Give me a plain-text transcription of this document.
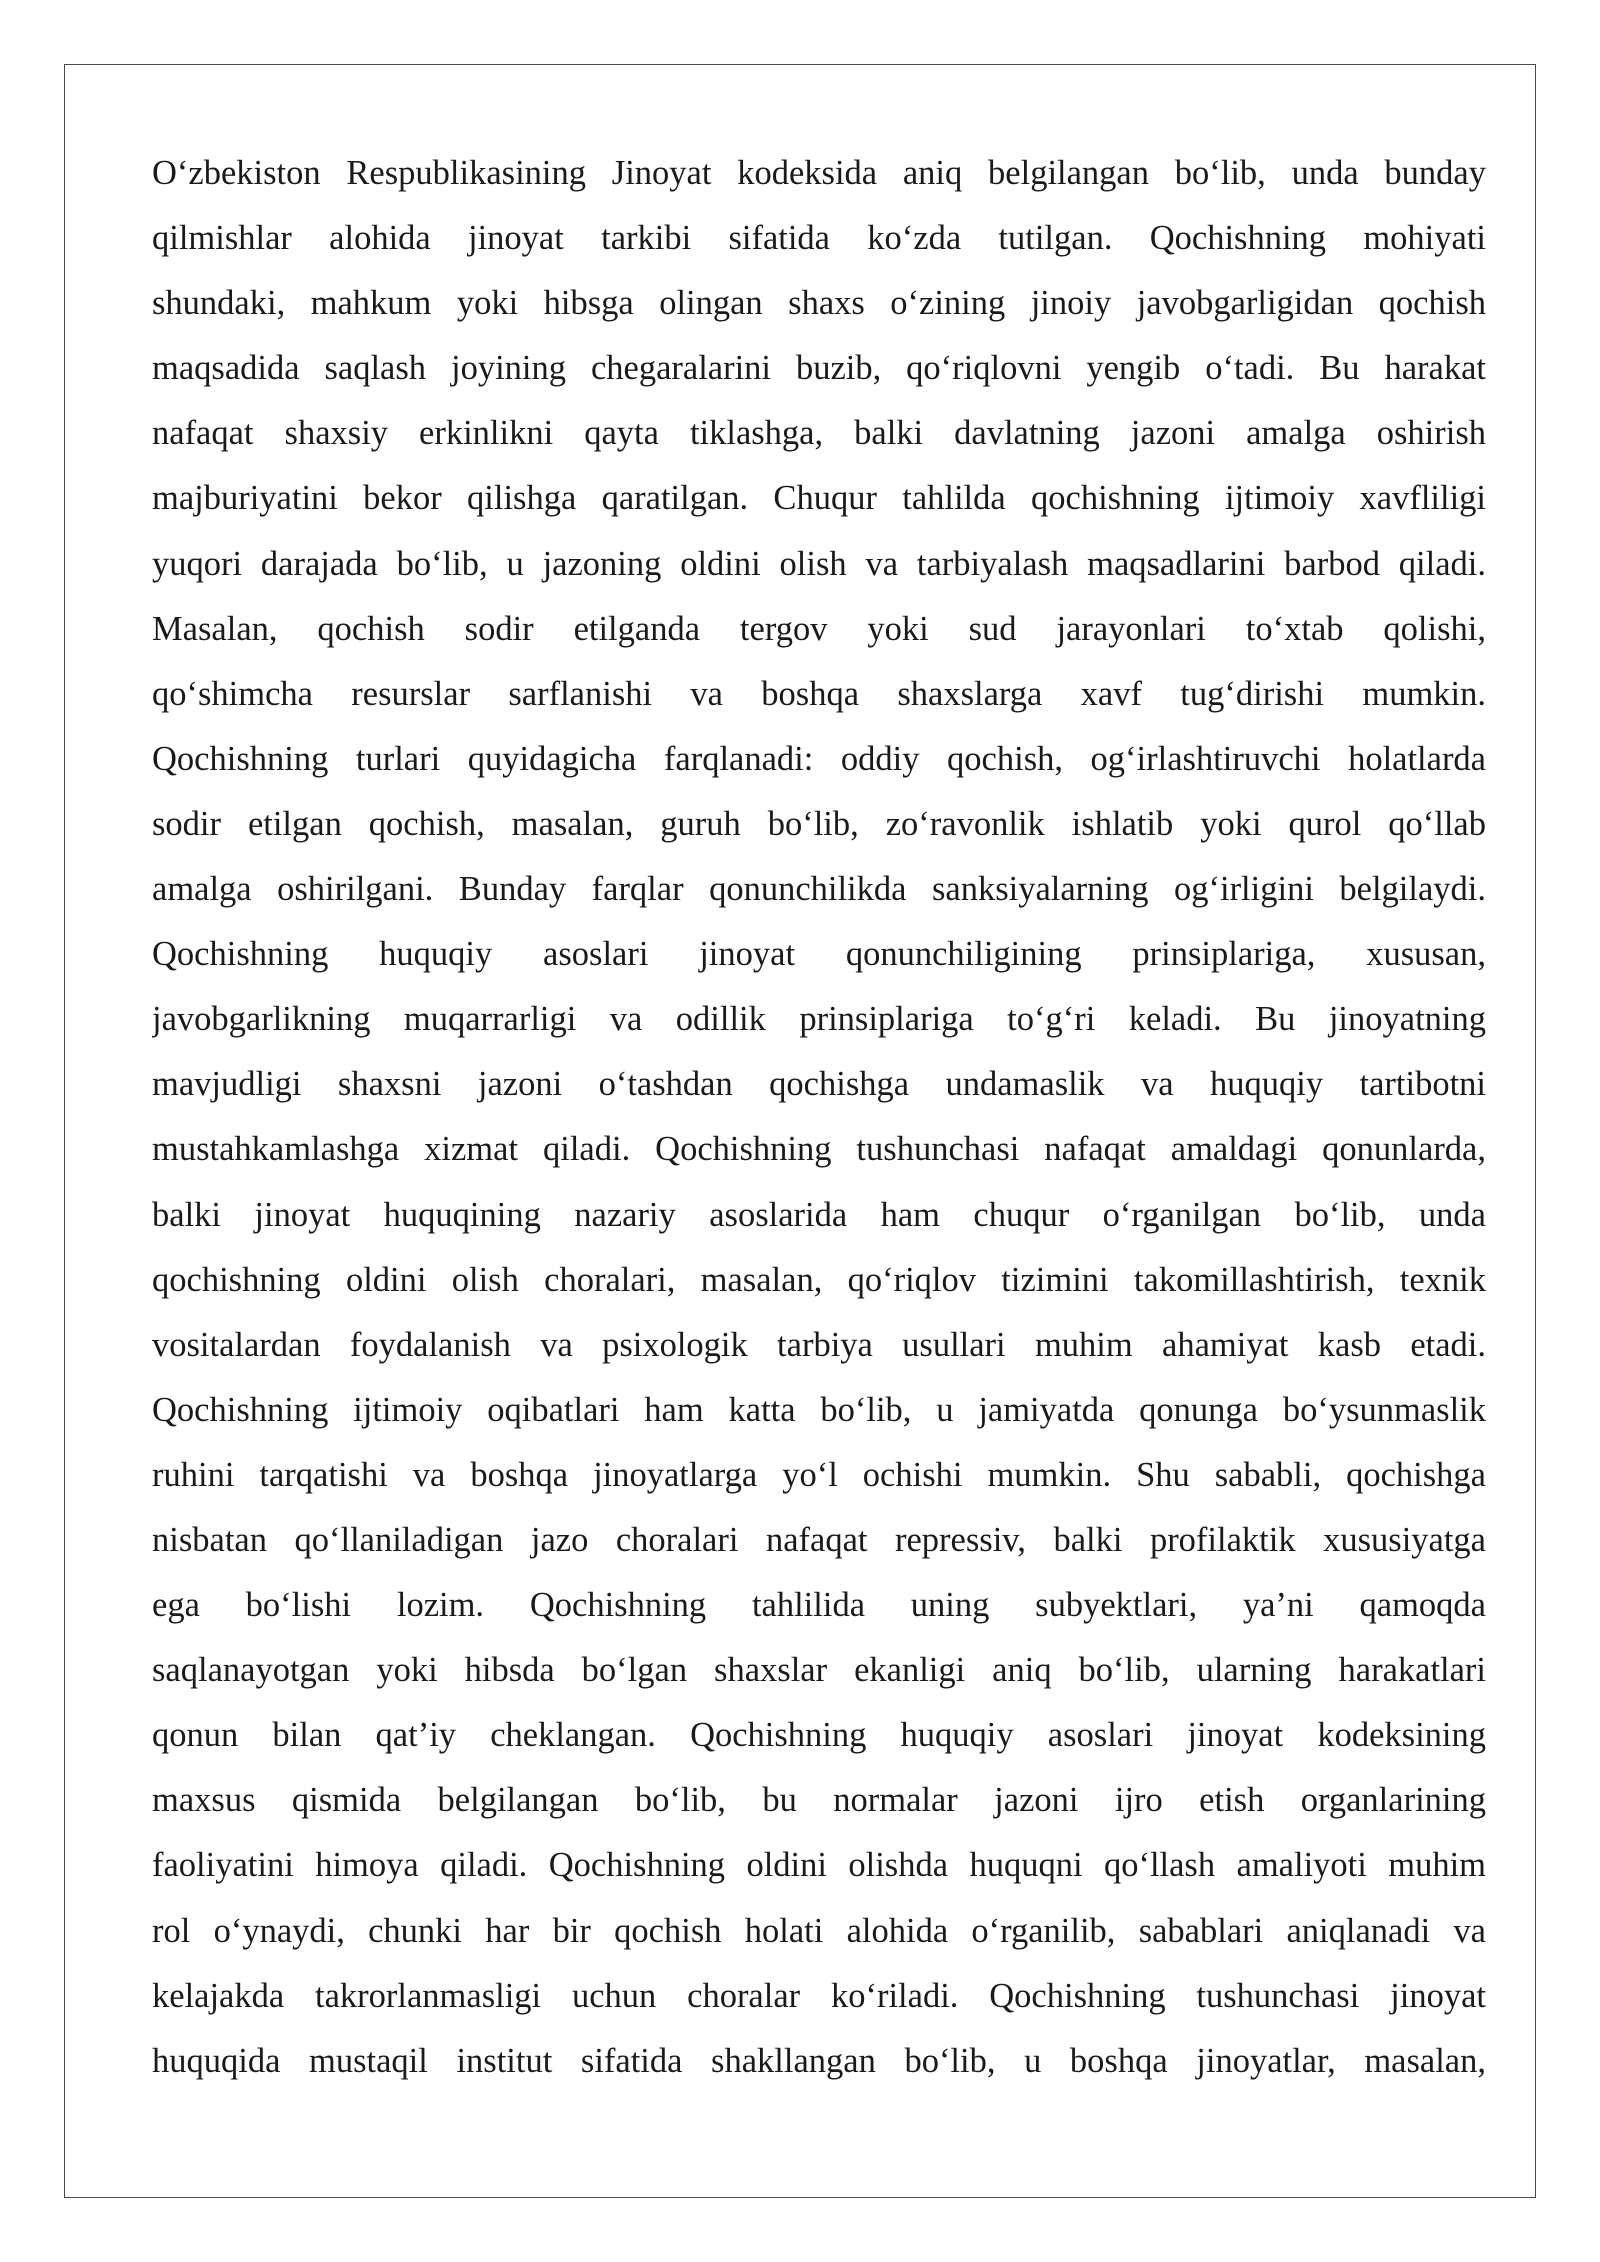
Oʻzbekiston Respublikasining Jinoyat kodeksida aniq belgilangan boʻlib, unda bunday
qilmishlar alohida jinoyat tarkibi sifatida koʻzda tutilgan. Qochishning mohiyati
shundaki, mahkum yoki hibsga olingan shaxs oʻzining jinoiy javobgarligidan qochish
maqsadida saqlash joyining chegaralarini buzib, qoʻriqlovni yengib oʻtadi. Bu harakat
nafaqat shaxsiy erkinlikni qayta tiklashga, balki davlatning jazoni amalga oshirish
majburiyatini bekor qilishga qaratilgan. Chuqur tahlilda qochishning ijtimoiy xavfliligi
yuqori darajada boʻlib, u jazoning oldini olish va tarbiyalash maqsadlarini barbod qiladi.
Masalan, qochish sodir etilganda tergov yoki sud jarayonlari toʻxtab qolishi,
qoʻshimcha resurslar sarflanishi va boshqa shaxslarga xavf tugʻdirishi mumkin.
Qochishning turlari quyidagicha farqlanadi: oddiy qochish, ogʻirlashtiruvchi holatlarda
sodir etilgan qochish, masalan, guruh boʻlib, zoʻravonlik ishlatib yoki qurol qoʻllab
amalga oshirilgani. Bunday farqlar qonunchilikda sanksiyalarning ogʻirligini belgilaydi.
Qochishning huquqiy asoslari jinoyat qonunchiligining prinsiplariga, xususan,
javobgarlikning muqarrarligi va odillik prinsiplariga toʻgʻri keladi. Bu jinoyatning
mavjudligi shaxsni jazoni oʻtashdan qochishga undamaslik va huquqiy tartibotni
mustahkamlashga xizmat qiladi. Qochishning tushunchasi nafaqat amaldagi qonunlarda,
balki jinoyat huquqining nazariy asoslarida ham chuqur oʻrganilgan boʻlib, unda
qochishning oldini olish choralari, masalan, qoʻriqlov tizimini takomillashtirish, texnik
vositalardan foydalanish va psixologik tarbiya usullari muhim ahamiyat kasb etadi.
Qochishning ijtimoiy oqibatlari ham katta boʻlib, u jamiyatda qonunga boʻysunmaslik
ruhini tarqatishi va boshqa jinoyatlarga yoʻl ochishi mumkin. Shu sababli, qochishga
nisbatan qoʻllaniladigan jazo choralari nafaqat repressiv, balki profilaktik xususiyatga
ega boʻlishi lozim. Qochishning tahlilida uning subyektlari, ya’ni qamoqda
saqlanayotgan yoki hibsda boʻlgan shaxslar ekanligi aniq boʻlib, ularning harakatlari
qonun bilan qat’iy cheklangan. Qochishning huquqiy asoslari jinoyat kodeksining
maxsus qismida belgilangan boʻlib, bu normalar jazoni ijro etish organlarining
faoliyatini himoya qiladi. Qochishning oldini olishda huquqni qoʻllash amaliyoti muhim
rol oʻynaydi, chunki har bir qochish holati alohida oʻrganilib, sabablari aniqlanadi va
kelajakda takrorlanmasligi uchun choralar koʻriladi. Qochishning tushunchasi jinoyat
huquqida mustaqil institut sifatida shakllangan boʻlib, u boshqa jinoyatlar, masalan,
